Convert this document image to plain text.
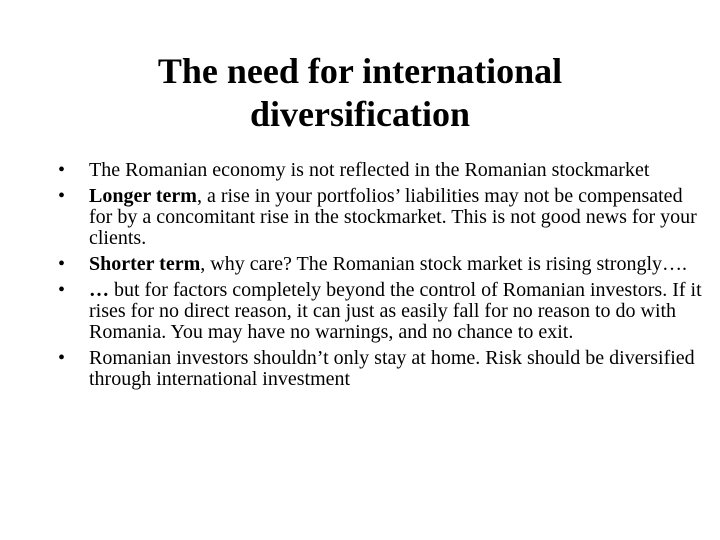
The need for international
diversification
•	The Romanian economy is not reflected in the Romanian stockmarket
•	Longer term, a rise in your portfolios’ liabilities may not be compensated for by a concomitant rise in the stockmarket. This is not good news for your clients.
•	Shorter term, why care? The Romanian stock market is rising strongly….
•	… but for factors completely beyond the control of Romanian investors. If it rises for no direct reason, it can just as easily fall for no reason to do with Romania. You may have no warnings, and no chance to exit.
•	Romanian investors shouldn’t only stay at home. Risk should be diversified through international investment
